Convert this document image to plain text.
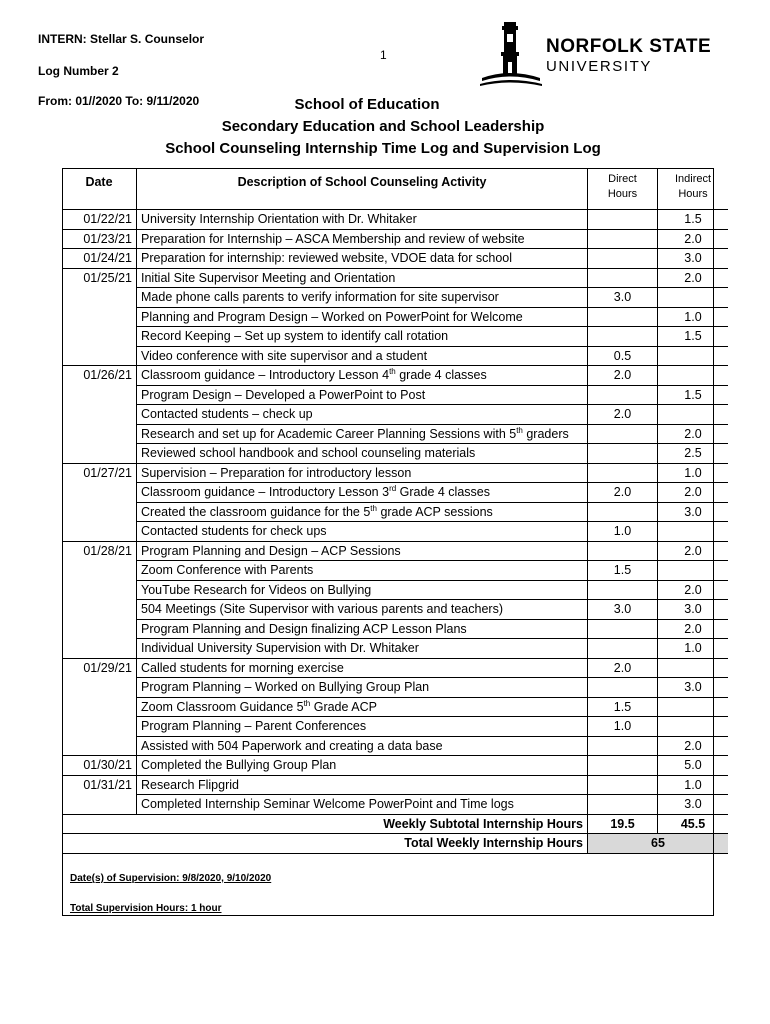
INTERN: Stellar S. Counselor
Log Number 2
From: 01//2020 To: 9/11/2020
1	NORFOLK STATE
UNIVERSITY
School of Education
Secondary Education and School Leadership
School Counseling Internship Time Log and Supervision Log
Date	Description of School Counseling Activity	Direct Hours	Indirect Hours
01/22/21	University Internship Orientation with Dr. Whitaker		1.5
01/23/21	Preparation for Internship – ASCA Membership and review of website		2.0
01/24/21	Preparation for internship: reviewed website, VDOE data for school		3.0
01/25/21	Initial Site Supervisor Meeting and Orientation		2.0
	Made phone calls parents to verify information for site supervisor	3.0	
	Planning and Program Design – Worked on PowerPoint for Welcome		1.0
	Record Keeping – Set up system to identify call rotation		1.5
	Video conference with site supervisor and a student	0.5	
01/26/21	Classroom guidance – Introductory Lesson 4th grade 4 classes	2.0	
	Program Design – Developed a PowerPoint to Post		1.5
	Contacted students – check up	2.0	
	Research and set up for Academic Career Planning Sessions with 5th graders		2.0
	Reviewed school handbook and school counseling materials		2.5
01/27/21	Supervision – Preparation for introductory lesson		1.0
	Classroom guidance – Introductory Lesson 3rd Grade 4 classes	2.0	2.0
	Created the classroom guidance for the 5th grade ACP sessions		3.0
	Contacted students for check ups	1.0	
01/28/21	Program Planning and Design – ACP Sessions		2.0
	Zoom Conference with Parents	1.5	
	YouTube Research for Videos on Bullying		2.0
	504 Meetings (Site Supervisor with various parents and teachers)	3.0	3.0
	Program Planning and Design finalizing ACP Lesson Plans		2.0
	Individual University Supervision with Dr. Whitaker		1.0
01/29/21	Called students for morning exercise	2.0	
	Program Planning – Worked on Bullying Group Plan		3.0
	Zoom Classroom Guidance 5th Grade ACP	1.5	
	Program Planning – Parent Conferences	1.0	
	Assisted with 504 Paperwork and creating a data base		2.0
01/30/21	Completed the Bullying Group Plan		5.0
01/31/21	Research Flipgrid		1.0
	Completed Internship Seminar Welcome PowerPoint and Time logs		3.0
Weekly Subtotal Internship Hours		19.5	45.5
Total Weekly Internship Hours		65	
Date(s) of Supervision: 9/8/2020, 9/10/2020
Total Supervision Hours: 1 hour
